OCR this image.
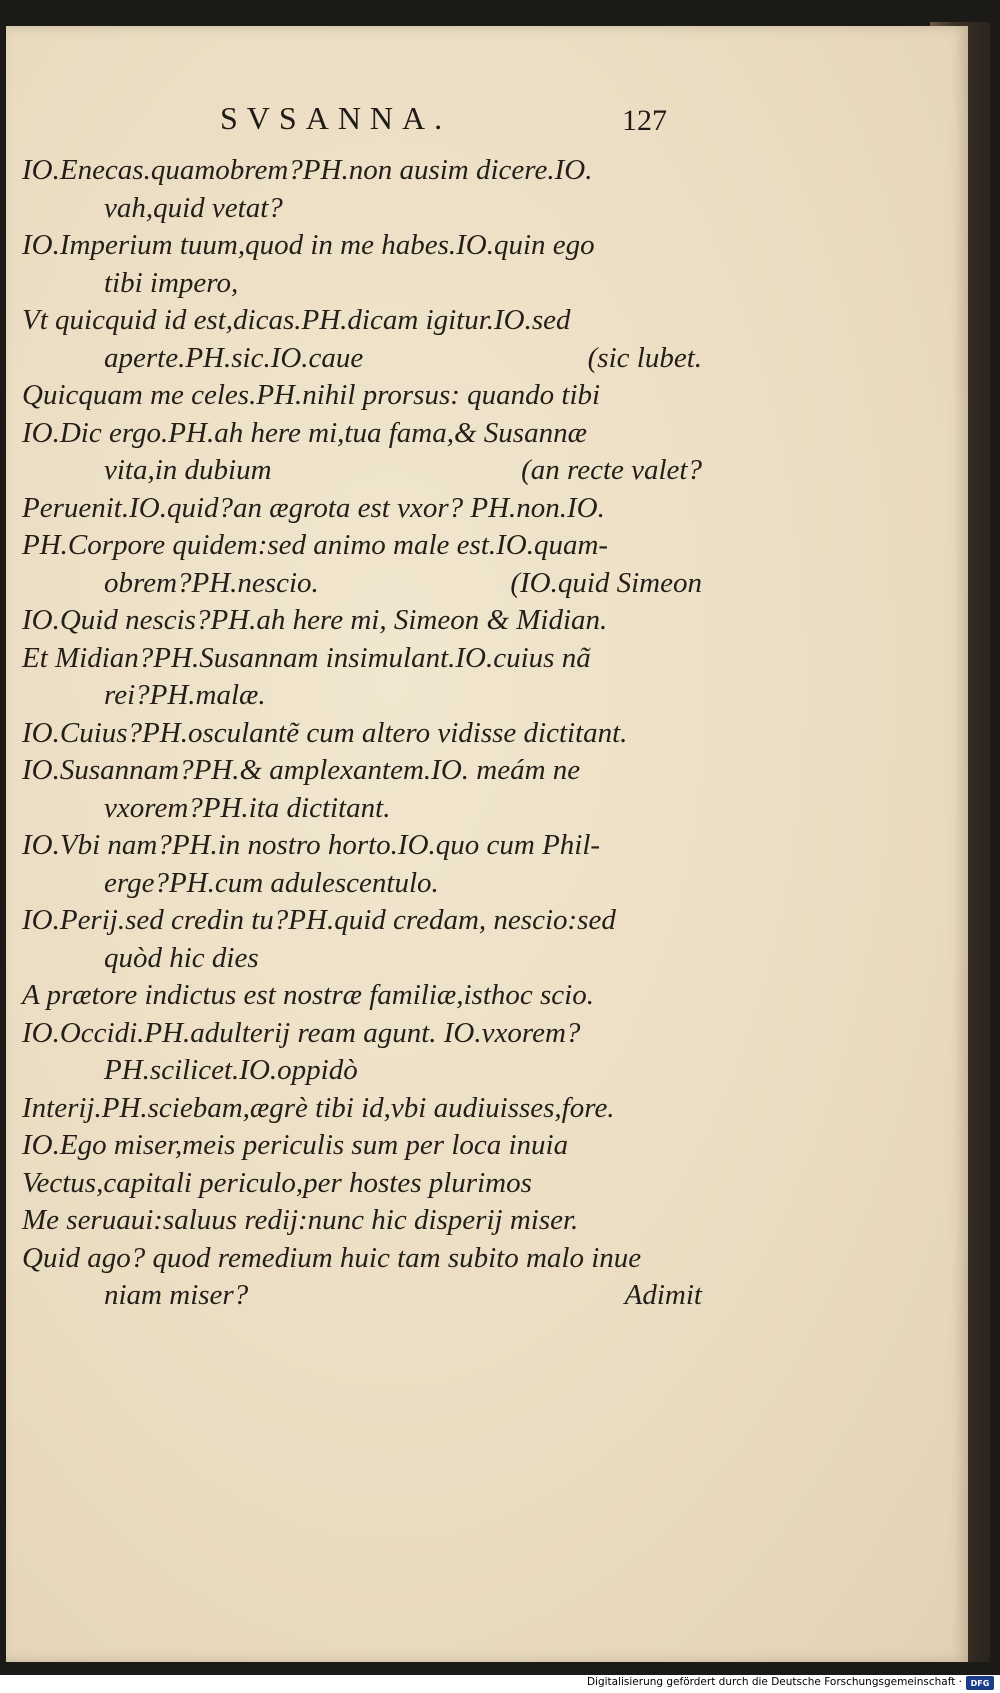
SVSANNA.	127
IO.Enecas.quamobrem?PH.non ausim dicere.IO.
vah,quid vetat?
IO.Imperium tuum,quod in me habes.IO.quin ego
tibi impero,
Vt quicquid id est,dicas.PH.dicam igitur.IO.sed
aperte.PH.sic.IO.caue	(sic lubet.
Quicquam me celes.PH.nihil prorsus: quando tibi
IO.Dic ergo.PH.ah here mi,tua fama,& Susannæ
vita,in dubium	(an recte valet?
Peruenit.IO.quid?an ægrota est vxor? PH.non.IO.
PH.Corpore quidem:sed animo male est.IO.quam-
obrem?PH.nescio.	(IO.quid Simeon
IO.Quid nescis?PH.ah here mi, Simeon & Midian.
Et Midian?PH.Susannam insimulant.IO.cuius nã
rei?PH.malæ.
IO.Cuius?PH.osculantẽ cum altero vidisse dictitant.
IO.Susannam?PH.& amplexantem.IO. meám ne
vxorem?PH.ita dictitant.
IO.Vbi nam?PH.in nostro horto.IO.quo cum Phil-
erge?PH.cum adulescentulo.
IO.Perij.sed credin tu?PH.quid credam, nescio:sed
quòd hic dies
A prætore indictus est nostræ familiæ,isthoc scio.
IO.Occidi.PH.adulterij ream agunt. IO.vxorem?
PH.scilicet.IO.oppidò
Interij.PH.sciebam,ægrè tibi id,vbi audiuisses,fore.
IO.Ego miser,meis periculis sum per loca inuia
Vectus,capitali periculo,per hostes plurimos
Me seruaui:saluus redij:nunc hic disperij miser.
Quid ago? quod remedium huic tam subito malo inue
niam miser?	Adimit
Digitalisierung gefördert durch die Deutsche Forschungsgemeinschaft ·	DFG
